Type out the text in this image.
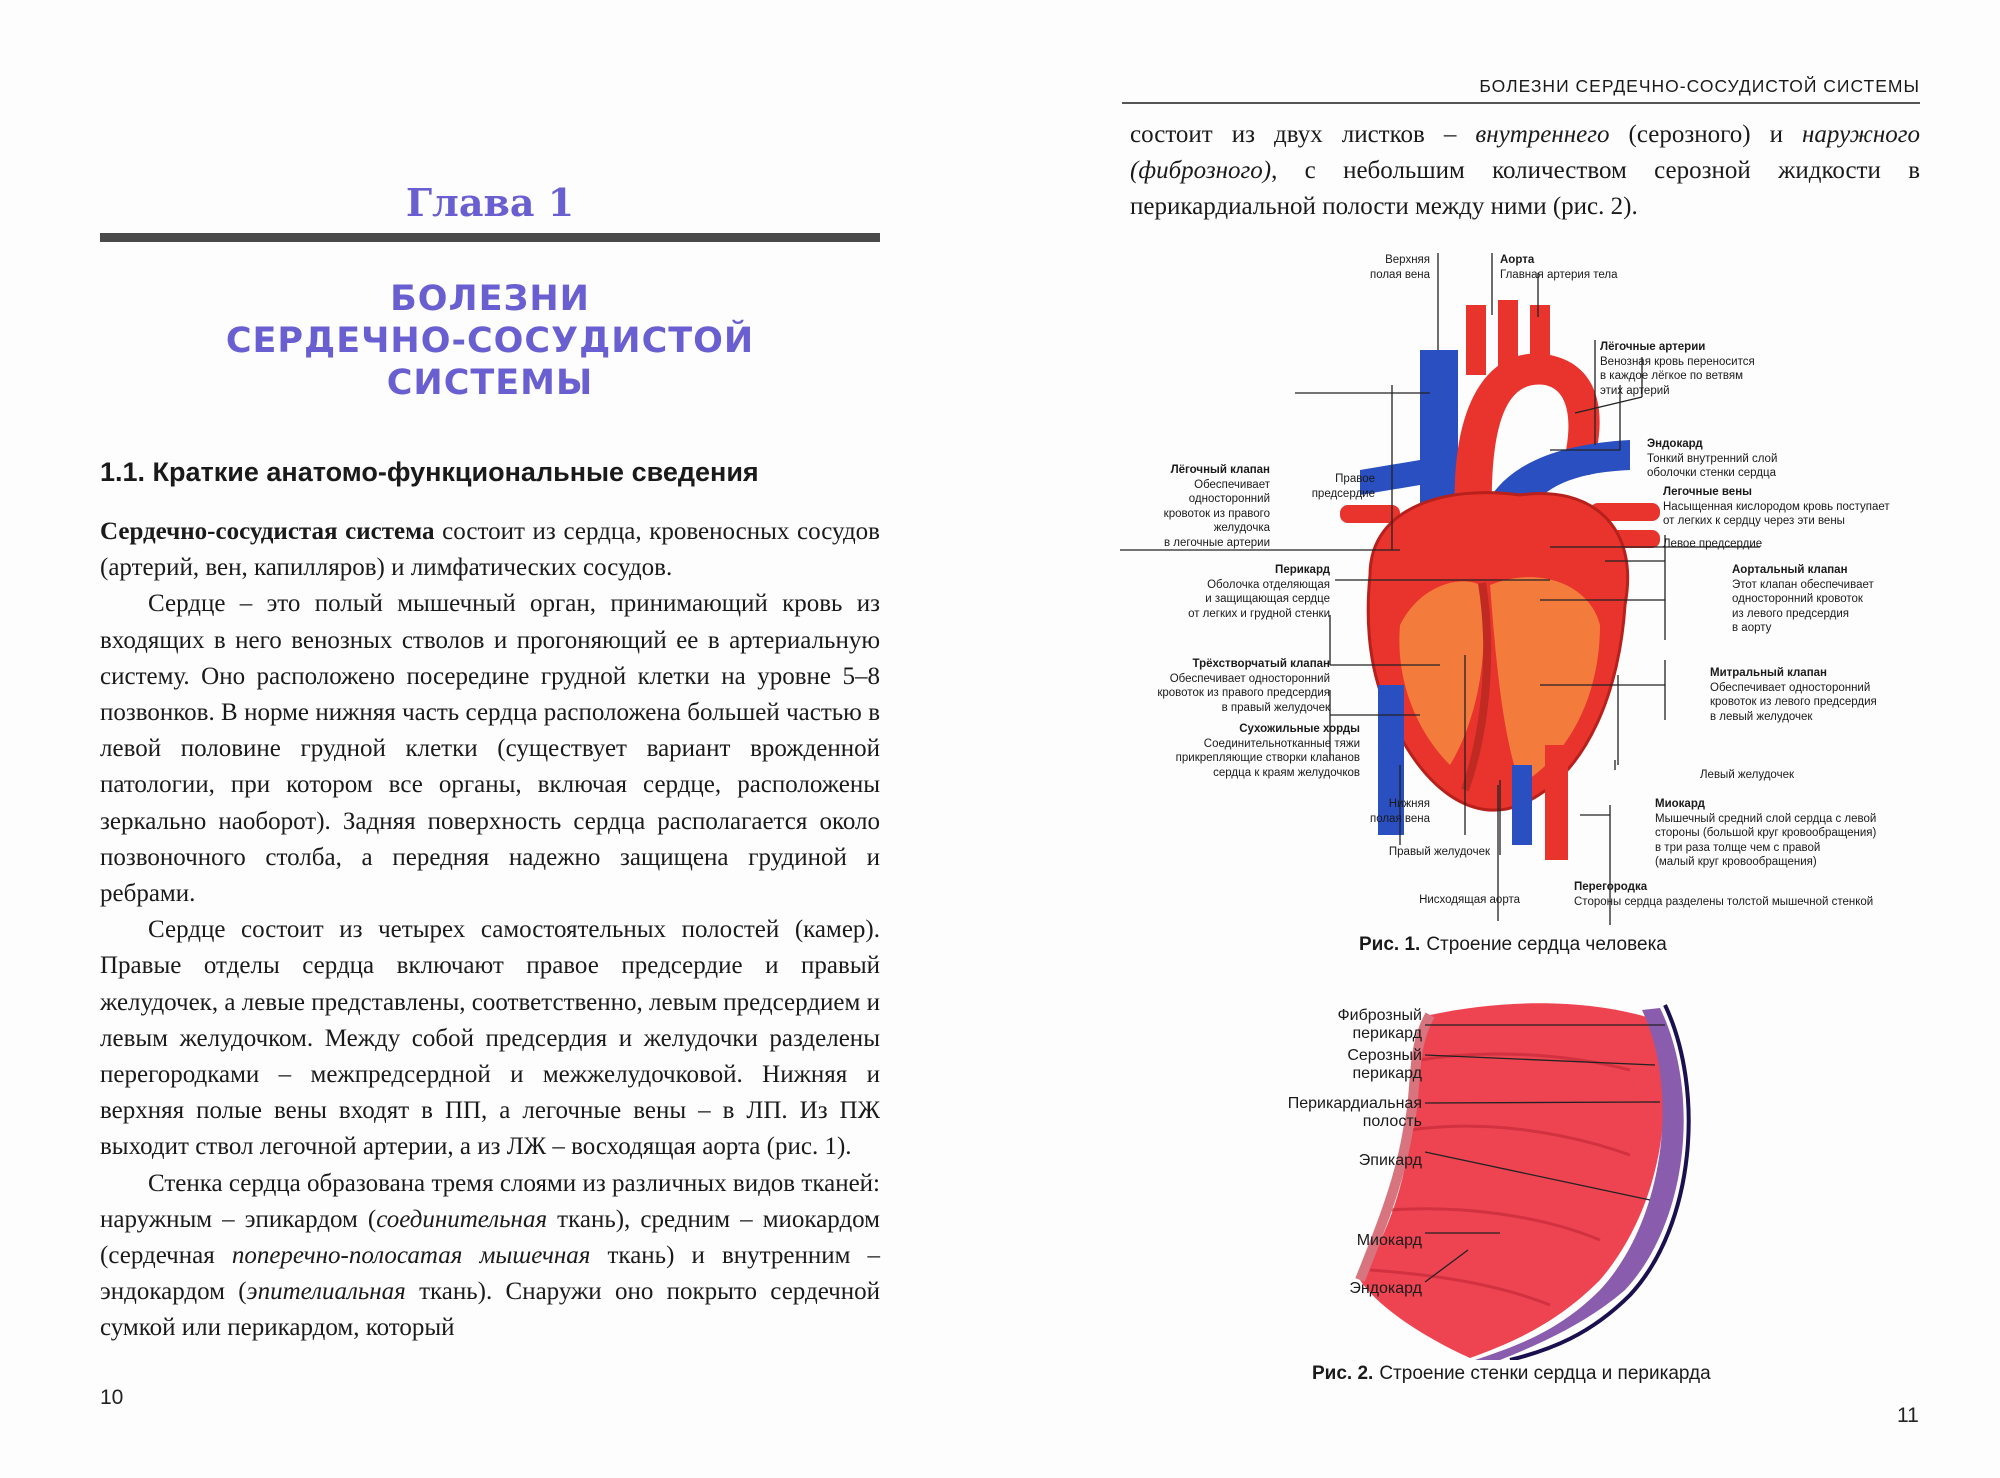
Глава 1
БОЛЕЗНИ
СЕРДЕЧНО-СОСУДИСТОЙ
СИСТЕМЫ
1.1. Краткие анатомо-функциональные сведения

Сердечно-сосудистая система состоит из сердца, кровеносных сосудов (артерий, вен, капилляров) и лимфатических сосудов.

Сердце – это полый мышечный орган, принимающий кровь из входящих в него венозных стволов и прогоняющий ее в артериальную систему. Оно расположено посередине грудной клетки на уровне 5–8 позвонков. В норме нижняя часть сердца расположена большей частью в левой половине грудной клетки (существует вариант врожденной патологии, при котором все органы, включая сердце, расположены зеркально наоборот). Задняя поверхность сердца располагается около позвоночного столба, а передняя надежно защищена грудиной и ребрами.

Сердце состоит из четырех самостоятельных полостей (камер). Правые отделы сердца включают правое предсердие и правый желудочек, а левые представлены, соответственно, левым предсердием и левым желудочком. Между собой предсердия и желудочки разделены перегородками – межпредсердной и межжелудочковой. Нижняя и верхняя полые вены входят в ПП, а легочные вены – в ЛП. Из ПЖ выходит ствол легочной артерии, а из ЛЖ – восходящая аорта (рис. 1).

Стенка сердца образована тремя слоями из различных видов тканей: наружным – эпикардом (соединительная ткань), средним – миокардом (сердечная поперечно-полосатая мышечная ткань) и внутренним – эндокардом (эпителиальная ткань). Снаружи оно покрыто сердечной сумкой или перикардом, который

10
БОЛЕЗНИ СЕРДЕЧНО-СОСУДИСТОЙ СИСТЕМЫ

состоит из двух листков – внутреннего (серозного) и наружного (фиброзного), с небольшим количеством серозной жидкости в перикардиальной полости между ними (рис. 2).

Верхняя
полая вена
Аорта
Главная артерия тела
Лёгочные артерии
Венозная кровь переносится
в каждое лёгкое по ветвям
этих артерий
Эндокард
Тонкий внутренний слой
оболочки стенки сердца
Лёгочный клапан
Обеспечивает
односторонний
кровоток из правого
желудочка
в легочные артерии
Правое
предсердие	Легочные вены
Насыщенная кислородом кровь поступает
от легких к сердцу через эти вены
Левое предсердие
Перикард
Оболочка отделяющая
и защищающая сердце
от легких и грудной стенки
Аортальный клапан
Этот клапан обеспечивает
односторонний кровоток
из левого предсердия
в аорту
Трёхстворчатый клапан
Обеспечивает односторонний
кровоток из правого предсердия
в правый желудочек
Митральный клапан
Обеспечивает односторонний
кровоток из левого предсердия
в левый желудочек
Сухожильные хорды
Соединительнотканные тяжи
прикрепляющие створки клапанов
сердца к краям желудочков	Левый желудочек
Нижняя
полая вена
Миокард
Мышечный средний слой сердца с левой
стороны (большой круг кровообращения)
в три раза толще чем с правой
(малый круг кровообращения)
Правый желудочек
Нисходящая аорта
Перегородка
Стороны сердца разделены толстой мышечной стенкой
Рис. 1. Строение сердца человека
Фиброзный
перикард
Серозный
перикард
Перикардиальная
полость
Эпикард
Миокард
Эндокард
Рис. 2. Строение стенки сердца и перикарда
11
